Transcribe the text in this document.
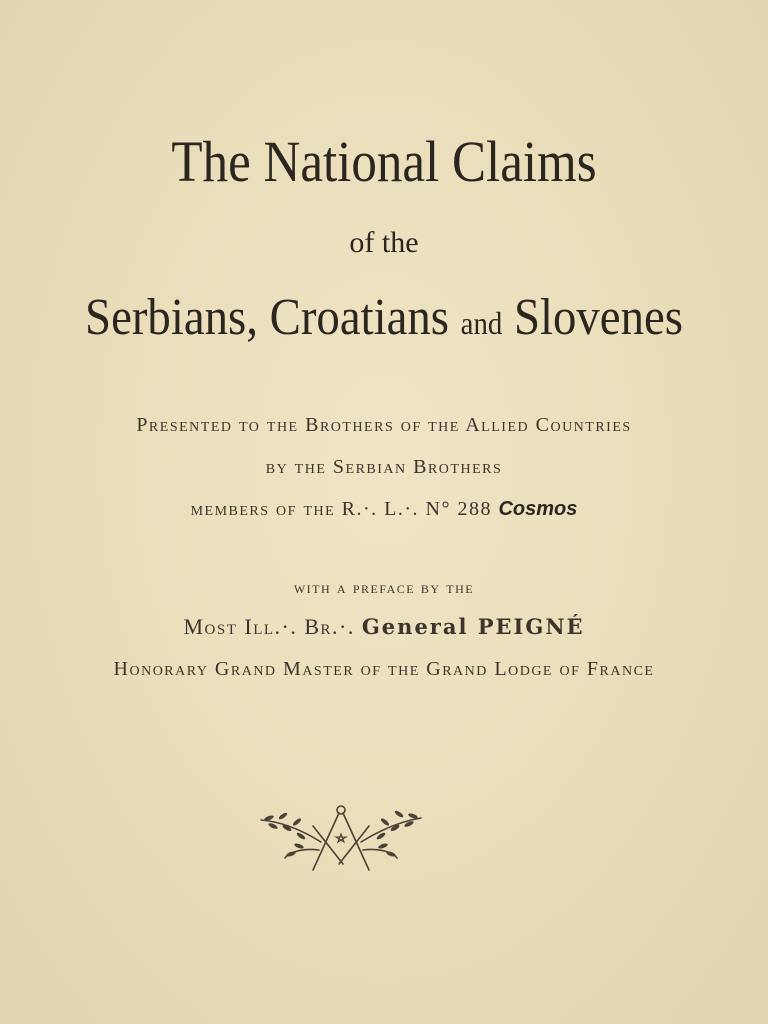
The National Claims
of the
Serbians, Croatians and Slovenes
Presented to the Brothers of the Allied Countries
by the Serbian Brothers
members of the R.·. L.·. N° 288 Cosmos
with a preface by the
Most Ill.·. Br.·. General PEIGNÉ
Honorary Grand Master of the Grand Lodge of France
